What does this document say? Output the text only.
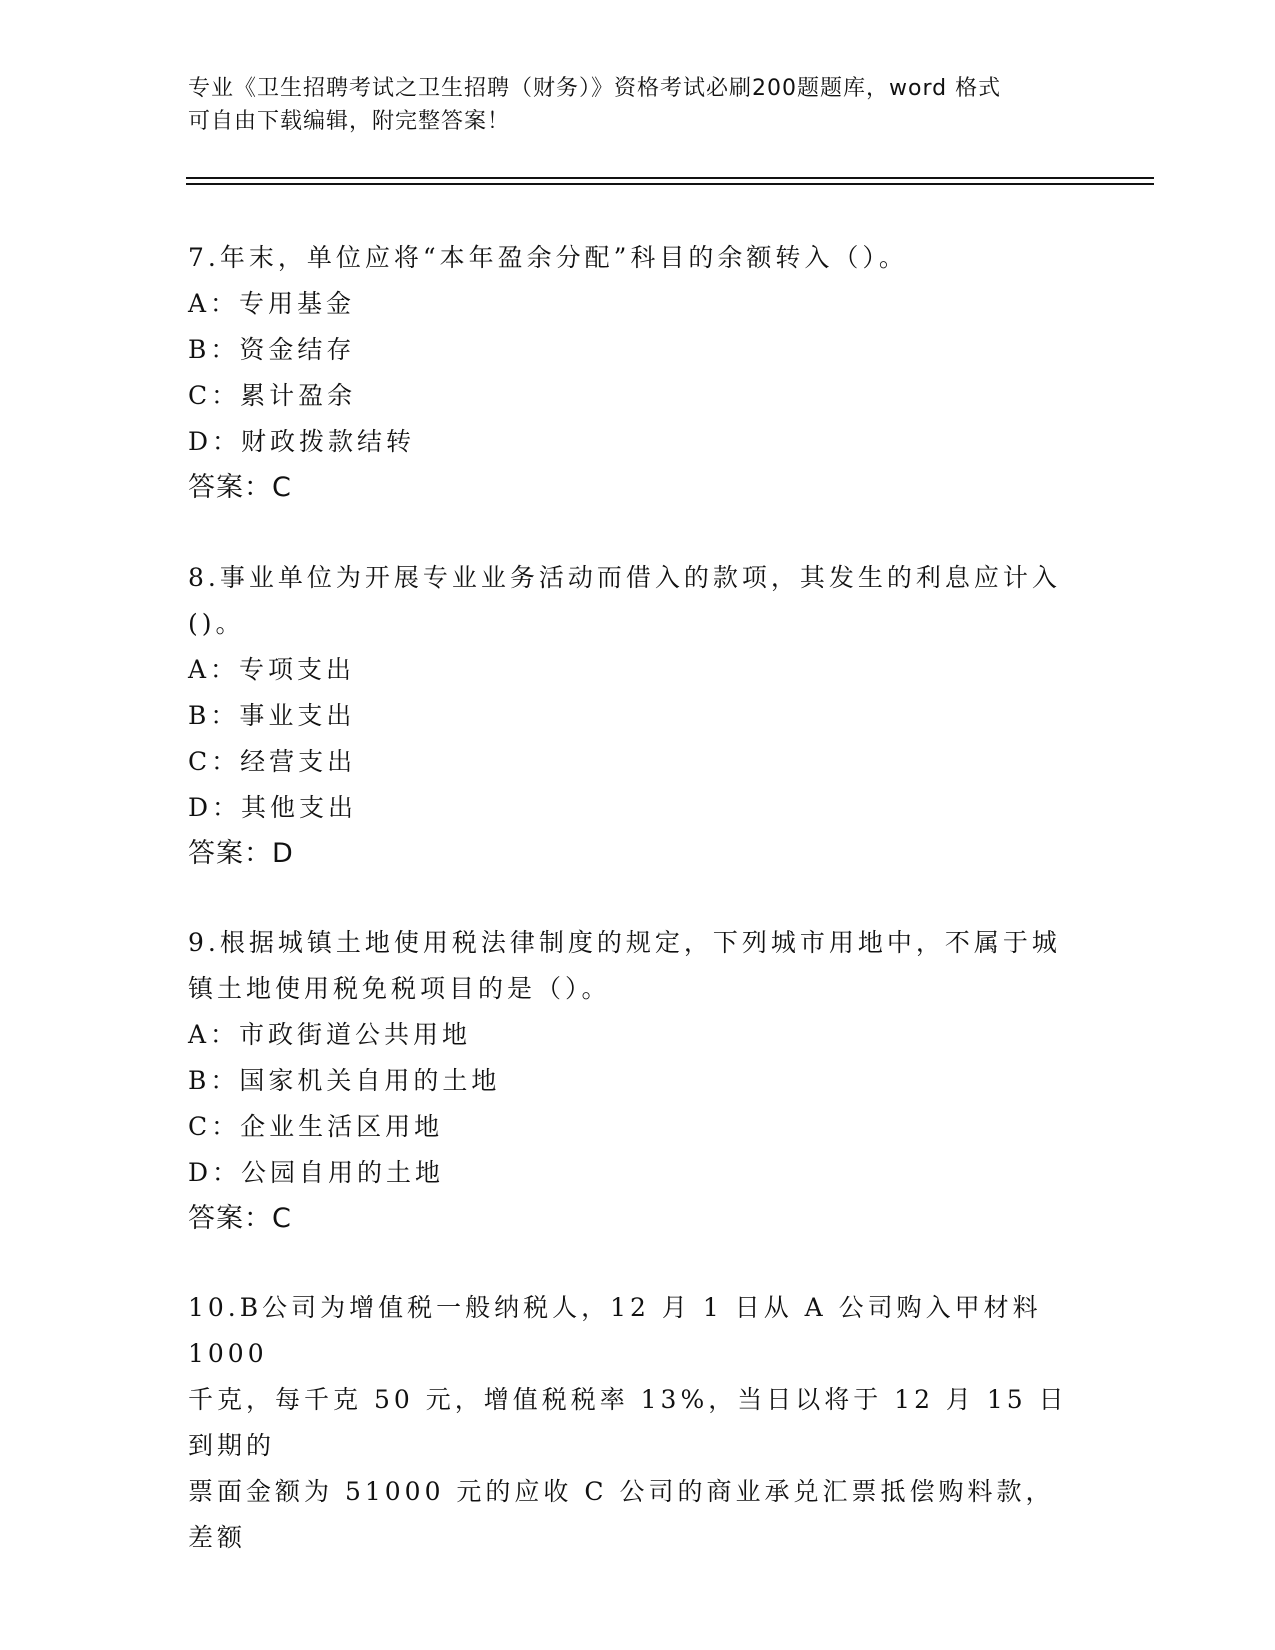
专业《卫生招聘考试之卫生招聘（财务）》资格考试必刷200题题库，word 格式
可自由下载编辑，附完整答案！
7.年末，单位应将“本年盈余分配”科目的余额转入（）。
A：专用基金
B：资金结存
C：累计盈余
D：财政拨款结转
答案：C
8.事业单位为开展专业业务活动而借入的款项，其发生的利息应计入
()。
A：专项支出
B：事业支出
C：经营支出
D：其他支出
答案：D
9.根据城镇土地使用税法律制度的规定，下列城市用地中，不属于城
镇土地使用税免税项目的是（）。
A：市政街道公共用地
B：国家机关自用的土地
C：企业生活区用地
D：公园自用的土地
答案：C
10.B公司为增值税一般纳税人，12 月 1 日从 A 公司购入甲材料 1000
千克，每千克 50 元，增值税税率 13%，当日以将于 12 月 15 日到期的
票面金额为 51000 元的应收 C 公司的商业承兑汇票抵偿购料款，差额
